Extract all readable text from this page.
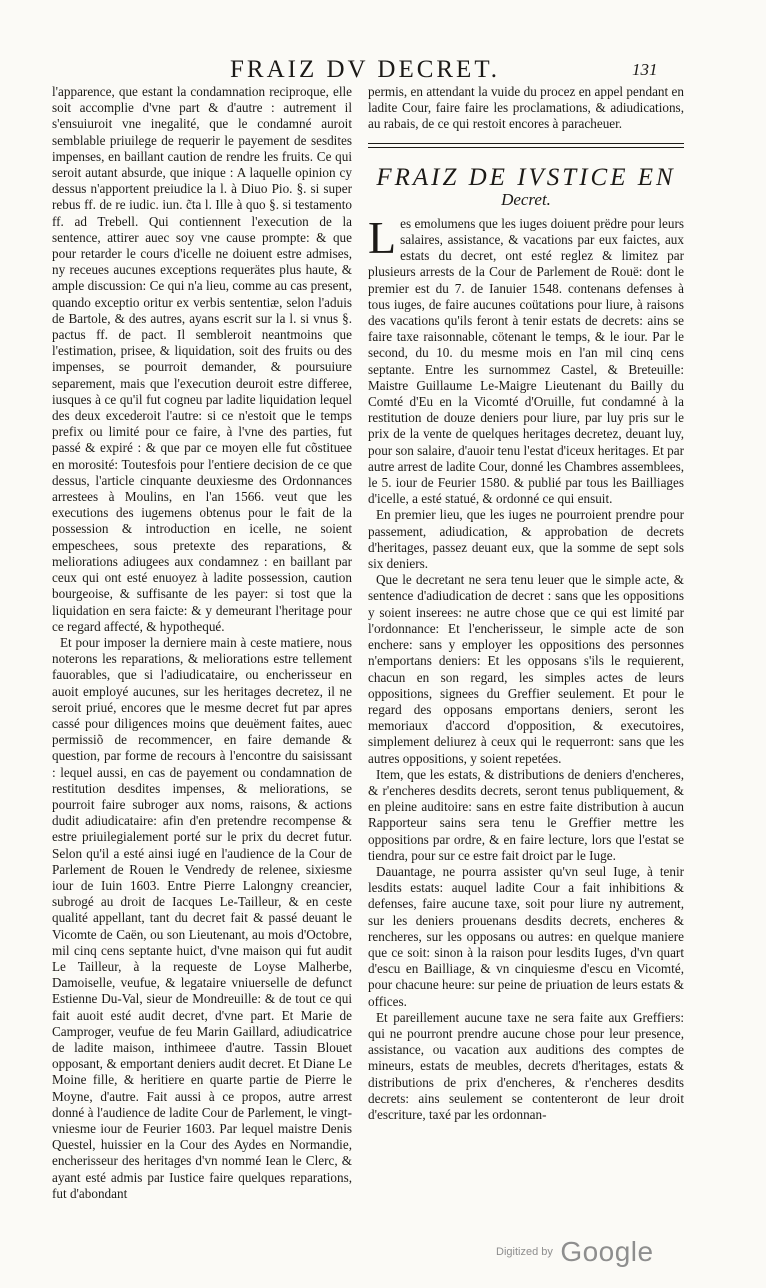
FRAIZ DV DECRET.	131

l'apparence, que estant la condamnation reciproque, elle soit accomplie d'vne part & d'autre : autrement il s'ensuiuroit vne inegalité, que le condamné auroit semblable priuilege de requerir le payement de sesdites impenses, en baillant caution de rendre les fruits. Ce qui seroit autant absurde, que inique : A laquelle opinion cy dessus n'apportent preiudice la l. à Diuo Pio. §. si super rebus ff. de re iudic. iun. c̃ta l. Ille à quo §. si testamento ff. ad Trebell. Qui contiennent l'execution de la sentence, attirer auec soy vne cause prompte: & que pour retarder le cours d'icelle ne doiuent estre admises, ny receues aucunes exceptions requerätes plus haute, & ample discussion: Ce qui n'a lieu, comme au cas present, quando exceptio oritur ex verbis sententiæ, selon l'aduis de Bartole, & des autres, ayans escrit sur la l. si vnus §. pactus ff. de pact. Il sembleroit neantmoins que l'estimation, prisee, & liquidation, soit des fruits ou des impenses, se pourroit demander, & poursuiure separement, mais que l'execution deuroit estre differee, iusques à ce qu'il fut cogneu par ladite liquidation lequel des deux excederoit l'autre: si ce n'estoit que le temps prefix ou limité pour ce faire, à l'vne des parties, fut passé & expiré : & que par ce moyen elle fut cõstituee en morosité: Toutesfois pour l'entiere decision de ce que dessus, l'article cinquante deuxiesme des Ordonnances arrestees à Moulins, en l'an 1566. veut que les executions des iugemens obtenus pour le fait de la possession & introduction en icelle, ne soient empeschees, sous pretexte des reparations, & meliorations adiugees aux condamnez : en baillant par ceux qui ont esté enuoyez à ladite possession, caution bourgeoise, & suffisante de les payer: si tost que la liquidation en sera faicte: & y demeurant l'heritage pour ce regard affecté, & hypothequé.

Et pour imposer la derniere main à ceste matiere, nous noterons les reparations, & meliorations estre tellement fauorables, que si l'adiudicataire, ou encherisseur en auoit employé aucunes, sur les heritages decretez, il ne seroit priué, encores que le mesme decret fut par apres cassé pour diligences moins que deuëment faites, auec permissiõ de recommencer, en faire demande & question, par forme de recours à l'encontre du saisissant : lequel aussi, en cas de payement ou condamnation de restitution desdites impenses, & meliorations, se pourroit faire subroger aux noms, raisons, & actions dudit adiudicataire: afin d'en pretendre recompense & estre priuilegialement porté sur le prix du decret futur. Selon qu'il a esté ainsi iugé en l'audience de la Cour de Parlement de Rouen le Vendredy de relenee, sixiesme iour de Iuin 1603. Entre Pierre Lalongny creancier, subrogé au droit de Iacques Le-Tailleur, & en ceste qualité appellant, tant du decret fait & passé deuant le Vicomte de Caën, ou son Lieutenant, au mois d'Octobre, mil cinq cens septante huict, d'vne maison qui fut audit Le Tailleur, à la requeste de Loyse Malherbe, Damoiselle, veufue, & legataire vniuerselle de defunct Estienne Du-Val, sieur de Mondreuille: & de tout ce qui fait auoit esté audit decret, d'vne part. Et Marie de Camproger, veufue de feu Marin Gaillard, adiudicatrice de ladite maison, inthimeee d'autre. Tassin Blouet opposant, & emportant deniers audit decret. Et Diane Le Moine fille, & heritiere en quarte partie de Pierre le Moyne, d'autre. Fait aussi à ce propos, autre arrest donné à l'audience de ladite Cour de Parlement, le vingt-vniesme iour de Feurier 1603. Par lequel maistre Denis Questel, huissier en la Cour des Aydes en Normandie, encherisseur des heritages d'vn nommé Iean le Clerc, & ayant esté admis par Iustice faire quelques reparations, fut d'abondant

permis, en attendant la vuide du procez en appel pendant en ladite Cour, faire faire les proclamations, & adiudications, au rabais, de ce qui restoit encores à paracheuer.

FRAIZ DE IVSTICE EN
Decret.

Les emolumens que les iuges doiuent prëdre pour leurs salaires, assistance, & vacations par eux faictes, aux estats du decret, ont esté reglez & limitez par plusieurs arrests de la Cour de Parlement de Rouë: dont le premier est du 7. de Ianuier 1548. contenans defenses à tous iuges, de faire aucunes coütations pour liure, à raisons des vacations qu'ils feront à tenir estats de decrets: ains se faire taxe raisonnable, cötenant le temps, & le iour. Par le second, du 10. du mesme mois en l'an mil cinq cens septante. Entre les surnommez Castel, & Breteuille: Maistre Guillaume Le-Maigre Lieutenant du Bailly du Comté d'Eu en la Vicomté d'Oruille, fut condamné à la restitution de douze deniers pour liure, par luy pris sur le prix de la vente de quelques heritages decretez, deuant luy, pour son salaire, d'auoir tenu l'estat d'iceux heritages. Et par autre arrest de ladite Cour, donné les Chambres assemblees, le 5. iour de Feurier 1580. & publié par tous les Bailliages d'icelle, a esté statué, & ordonné ce qui ensuit.

En premier lieu, que les iuges ne pourroient prendre pour passement, adiudication, & approbation de decrets d'heritages, passez deuant eux, que la somme de sept sols six deniers.

Que le decretant ne sera tenu leuer que le simple acte, & sentence d'adiudication de decret : sans que les oppositions y soient inserees: ne autre chose que ce qui est limité par l'ordonnance: Et l'encherisseur, le simple acte de son enchere: sans y employer les oppositions des personnes n'emportans deniers: Et les opposans s'ils le requierent, chacun en son regard, les simples actes de leurs oppositions, signees du Greffier seulement. Et pour le regard des opposans emportans deniers, seront les memoriaux d'accord d'opposition, & executoires, simplement deliurez à ceux qui le requerront: sans que les autres oppositions, y soient repetées.

Item, que les estats, & distributions de deniers d'encheres, & r'encheres desdits decrets, seront tenus publiquement, & en pleine auditoire: sans en estre faite distribution à aucun Rapporteur sains sera tenu le Greffier mettre les oppositions par ordre, & en faire lecture, lors que l'estat se tiendra, pour sur ce estre fait droict par le Iuge.

Dauantage, ne pourra assister qu'vn seul Iuge, à tenir lesdits estats: auquel ladite Cour a fait inhibitions & defenses, faire aucune taxe, soit pour liure ny autrement, sur les deniers prouenans desdits decrets, encheres & rencheres, sur les opposans ou autres: en quelque maniere que ce soit: sinon à la raison pour lesdits Iuges, d'vn quart d'escu en Bailliage, & vn cinquiesme d'escu en Vicomté, pour chacune heure: sur peine de priuation de leurs estats & offices.

Et pareillement aucune taxe ne sera faite aux Greffiers: qui ne pourront prendre aucune chose pour leur presence, assistance, ou vacation aux auditions des comptes de mineurs, estats de meubles, decrets d'heritages, estats & distributions de prix d'encheres, & r'encheres desdits decrets: ains seulement se contenteront de leur droit d'escriture, taxé par les ordonnan-

Digitized by Google
